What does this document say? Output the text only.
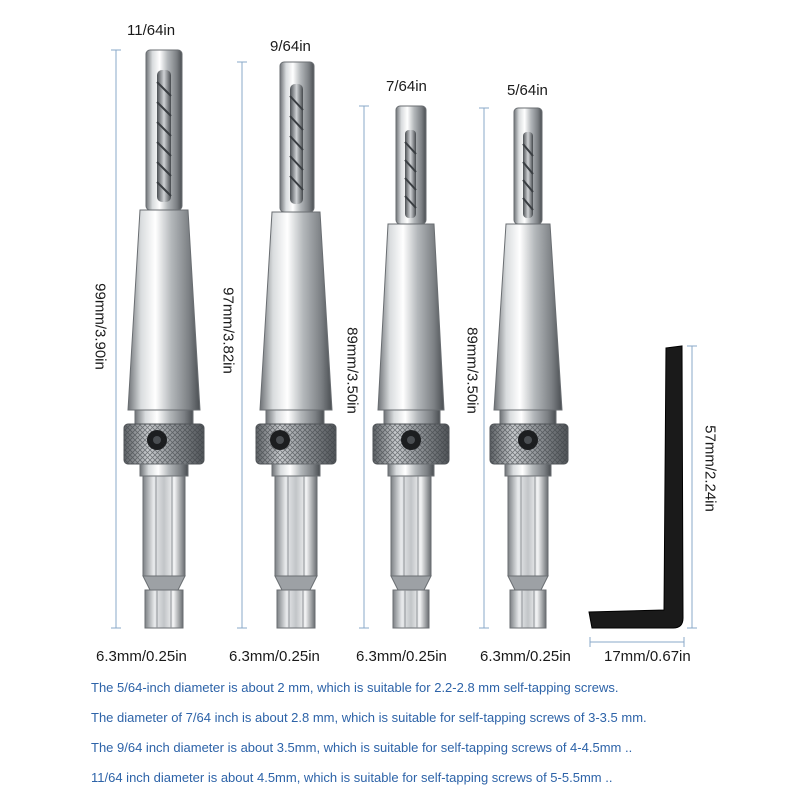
11/64in
9/64in
7/64in	5/64in
99mm/3.90in	97mm/3.82in	89mm/3.50in	89mm/3.50in
57mm/2.24in
6.3mm/0.25in	6.3mm/0.25in 6.3mm/0.25in 6.3mm/0.25in 17mm/0.67in
The 5/64-inch diameter is about 2 mm, which is suitable for 2.2-2.8 mm self-tapping screws.
The diameter of 7/64 inch is about 2.8 mm, which is suitable for self-tapping screws of 3-3.5 mm.
The 9/64 inch diameter is about 3.5mm, which is suitable for self-tapping screws of 4-4.5mm ..
11/64 inch diameter is about 4.5mm, which is suitable for self-tapping screws of 5-5.5mm ..
